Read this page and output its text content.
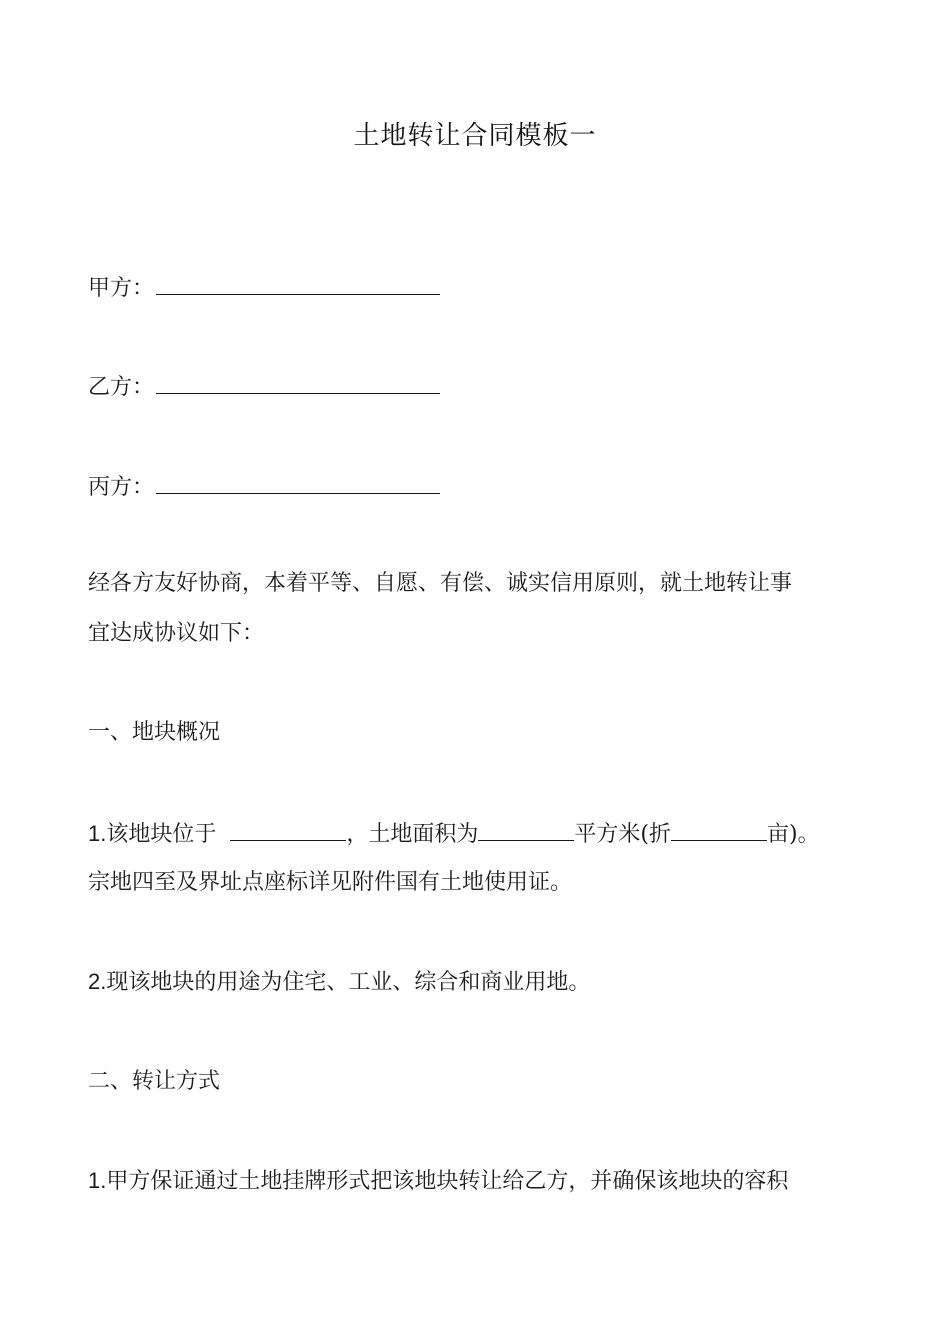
土地转让合同模板一
甲方：
乙方：
丙方：
经各方友好协商，本着平等、自愿、有偿、诚实信用原则，就土地转让事
宜达成协议如下：
一、地块概况
1.该地块位于	，土地面积为	平方米(折	亩)。
宗地四至及界址点座标详见附件国有土地使用证。
2.现该地块的用途为住宅、工业、综合和商业用地。
二、转让方式
1.甲方保证通过土地挂牌形式把该地块转让给乙方，并确保该地块的容积
